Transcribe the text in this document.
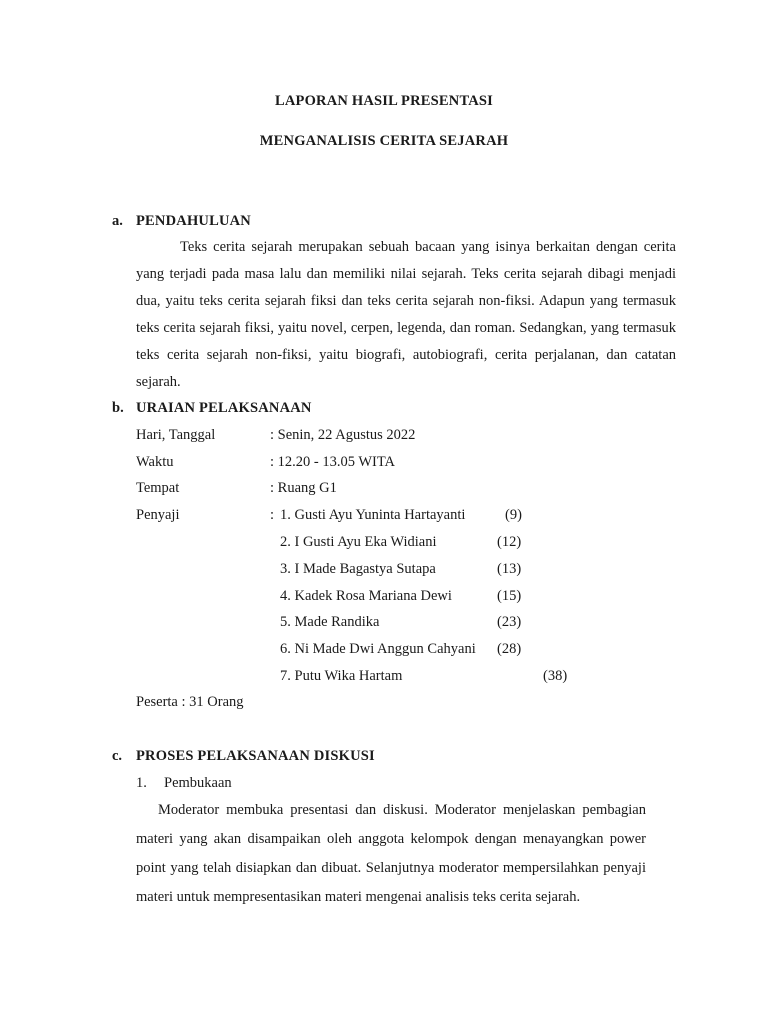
LAPORAN HASIL PRESENTASI
MENGANALISIS CERITA SEJARAH
a. PENDAHULUAN
Teks cerita sejarah merupakan sebuah bacaan yang isinya berkaitan dengan cerita yang terjadi pada masa lalu dan memiliki nilai sejarah. Teks cerita sejarah dibagi menjadi dua, yaitu teks cerita sejarah fiksi dan teks cerita sejarah non-fiksi. Adapun yang termasuk teks cerita sejarah fiksi, yaitu novel, cerpen, legenda, dan roman. Sedangkan, yang termasuk teks cerita sejarah non-fiksi, yaitu biografi, autobiografi, cerita perjalanan, dan catatan sejarah.
b. URAIAN PELAKSANAAN
Hari, Tanggal	: Senin, 22 Agustus 2022
Waktu	: 12.20 - 13.05 WITA
Tempat	: Ruang G1
Penyaji	: 1. Gusti Ayu Yuninta Hartayanti	(9)
2. I Gusti Ayu Eka Widiani	(12)
3. I Made Bagastya Sutapa	(13)
4. Kadek Rosa Mariana Dewi	(15)
5. Made Randika	(23)
6. Ni Made Dwi Anggun Cahyani (28)
7. Putu Wika Hartam	(38)
Peserta : 31 Orang
c. PROSES PELAKSANAAN DISKUSI
1. Pembukaan
Moderator membuka presentasi dan diskusi. Moderator menjelaskan pembagian materi yang akan disampaikan oleh anggota kelompok dengan menayangkan power point yang telah disiapkan dan dibuat. Selanjutnya moderator mempersilahkan penyaji materi untuk mempresentasikan materi mengenai analisis teks cerita sejarah.
